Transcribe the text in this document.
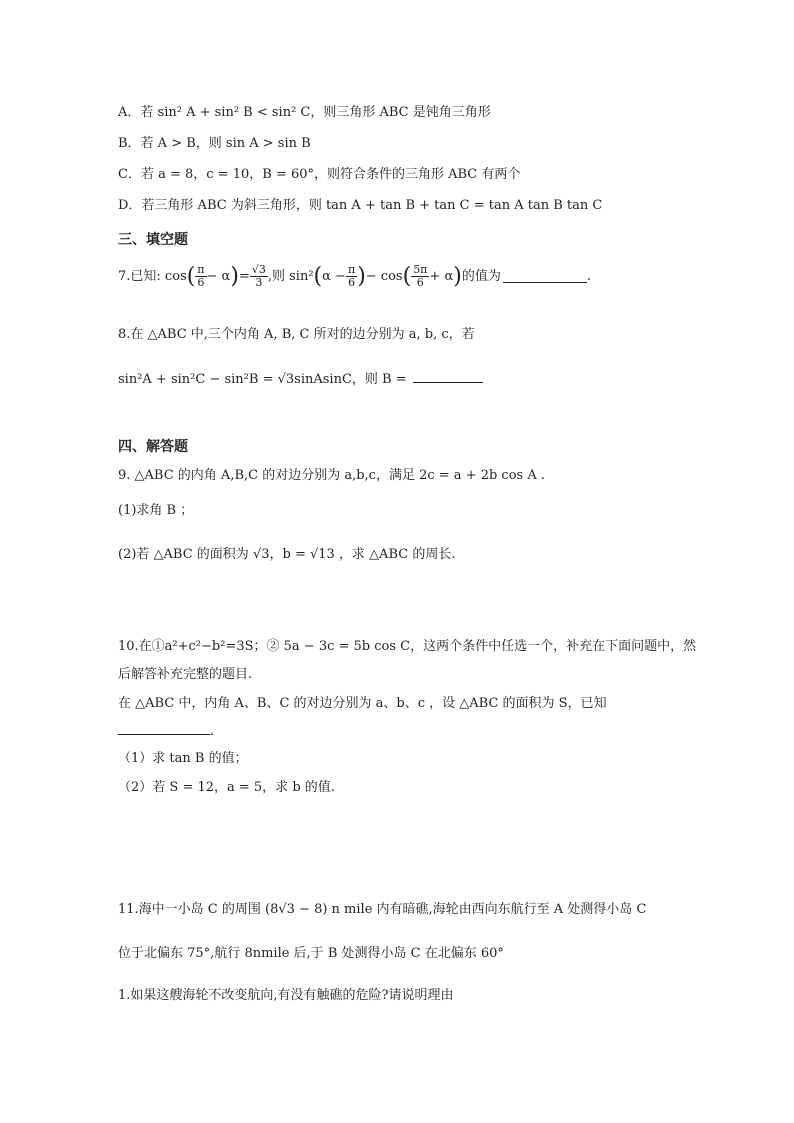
A．若 sin² A + sin² B < sin² C，则三角形 ABC 是钝角三角形
B．若 A > B，则 sin A > sin B
C．若 a = 8，c = 10，B = 60°，则符合条件的三角形 ABC 有两个
D．若三角形 ABC 为斜三角形，则 tan A + tan B + tan C = tan A tan B tan C
三、填空题
7.已知: cos ( $\frac{\pi}{6} - \alpha$ ) = $\frac{√3}{3}$ ,则 sin² ( $\alpha - \frac{\pi}{6}$ ) − cos ( $\frac{5\pi}{6} + \alpha$ ) 的值为	.
8.在 △ABC 中,三个内角 A, B, C 所对的边分别为 a, b, c，若
sin²A + sin²C − sin²B = √3sinAsinC，则 B =
四、解答题
9. △ABC 的内角 A,B,C 的对边分别为 a,b,c，满足 2c = a + 2b cos A .
(1)求角 B ；
(2)若 △ABC 的面积为 √3，b = √13 ，求 △ABC 的周长.
10.在①a²+c²−b²=3S；② 5a − 3c = 5b cos C，这两个条件中任选一个，补充在下面问题中，然
后解答补充完整的题目.
在 △ABC 中，内角 A、B、C 的对边分别为 a、b、c ，设 △ABC 的面积为 S，已知
.
（1）求 tan B 的值；
（2）若 S = 12，a = 5，求 b 的值.
11.海中一小岛 C 的周围 (8√3 − 8) n mile 内有暗礁,海轮由西向东航行至 A 处测得小岛 C
位于北偏东 75°,航行 8nmile 后,于 B 处测得小岛 C 在北偏东 60°
1.如果这艘海轮不改变航向,有没有触礁的危险?请说明理由
